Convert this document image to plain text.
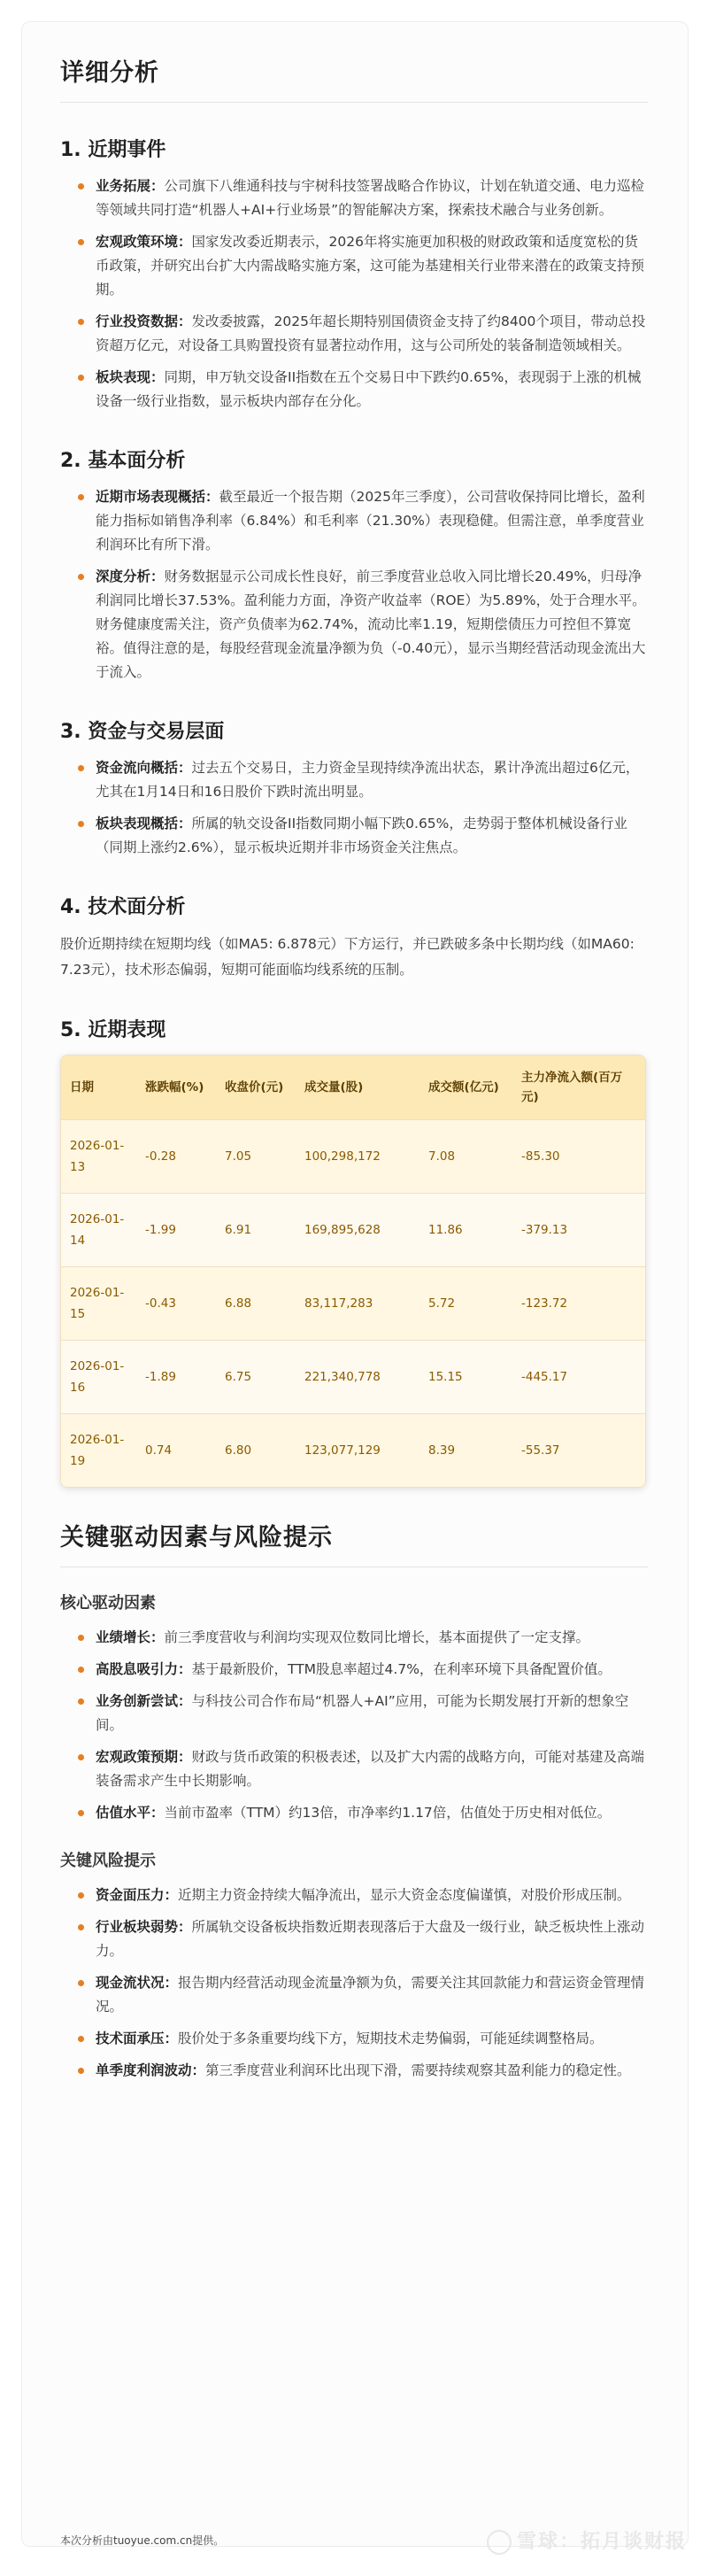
详细分析
1. 近期事件
业务拓展：公司旗下八维通科技与宇树科技签署战略合作协议，计划在轨道交通、电力巡检等领域共同打造“机器人+AI+行业场景”的智能解决方案，探索技术融合与业务创新。
宏观政策环境：国家发改委近期表示，2026年将实施更加积极的财政政策和适度宽松的货币政策，并研究出台扩大内需战略实施方案，这可能为基建相关行业带来潜在的政策支持预期。
行业投资数据：发改委披露，2025年超长期特别国债资金支持了约8400个项目，带动总投资超万亿元，对设备工具购置投资有显著拉动作用，这与公司所处的装备制造领域相关。
板块表现：同期，申万轨交设备II指数在五个交易日中下跌约0.65%，表现弱于上涨的机械设备一级行业指数，显示板块内部存在分化。
2. 基本面分析
近期市场表现概括：截至最近一个报告期（2025年三季度），公司营收保持同比增长，盈利能力指标如销售净利率（6.84%）和毛利率（21.30%）表现稳健。但需注意，单季度营业利润环比有所下滑。
深度分析：财务数据显示公司成长性良好，前三季度营业总收入同比增长20.49%，归母净利润同比增长37.53%。盈利能力方面，净资产收益率（ROE）为5.89%，处于合理水平。财务健康度需关注，资产负债率为62.74%，流动比率1.19，短期偿债压力可控但不算宽裕。值得注意的是，每股经营现金流量净额为负（-0.40元），显示当期经营活动现金流出大于流入。
3. 资金与交易层面
资金流向概括：过去五个交易日，主力资金呈现持续净流出状态，累计净流出超过6亿元，尤其在1月14日和16日股价下跌时流出明显。
板块表现概括：所属的轨交设备II指数同期小幅下跌0.65%，走势弱于整体机械设备行业（同期上涨约2.6%），显示板块近期并非市场资金关注焦点。
4. 技术面分析

股价近期持续在短期均线（如MA5: 6.878元）下方运行，并已跌破多条中长期均线（如MA60: 7.23元），技术形态偏弱，短期可能面临均线系统的压制。

5. 近期表现
日期	涨跌幅(%)	收盘价(元)	成交量(股)	成交额(亿元)	主力净流入额(百万元)
2026-01-13	-0.28	7.05	100,298,172	7.08	-85.30
2026-01-14	-1.99	6.91	169,895,628	11.86	-379.13
2026-01-15	-0.43	6.88	83,117,283	5.72	-123.72
2026-01-16	-1.89	6.75	221,340,778	15.15	-445.17
2026-01-19	0.74	6.80	123,077,129	8.39	-55.37
关键驱动因素与风险提示
核心驱动因素
业绩增长：前三季度营收与利润均实现双位数同比增长，基本面提供了一定支撑。
高股息吸引力：基于最新股价，TTM股息率超过4.7%，在利率环境下具备配置价值。
业务创新尝试：与科技公司合作布局“机器人+AI”应用，可能为长期发展打开新的想象空间。
宏观政策预期：财政与货币政策的积极表述，以及扩大内需的战略方向，可能对基建及高端装备需求产生中长期影响。
估值水平：当前市盈率（TTM）约13倍，市净率约1.17倍，估值处于历史相对低位。
关键风险提示
资金面压力：近期主力资金持续大幅净流出，显示大资金态度偏谨慎，对股价形成压制。
行业板块弱势：所属轨交设备板块指数近期表现落后于大盘及一级行业，缺乏板块性上涨动力。
现金流状况：报告期内经营活动现金流量净额为负，需要关注其回款能力和营运资金管理情况。
技术面承压：股价处于多条重要均线下方，短期技术走势偏弱，可能延续调整格局。
单季度利润波动：第三季度营业利润环比出现下滑，需要持续观察其盈利能力的稳定性。
本次分析由tuoyue.com.cn提供。	雪球：拓月谈财报
